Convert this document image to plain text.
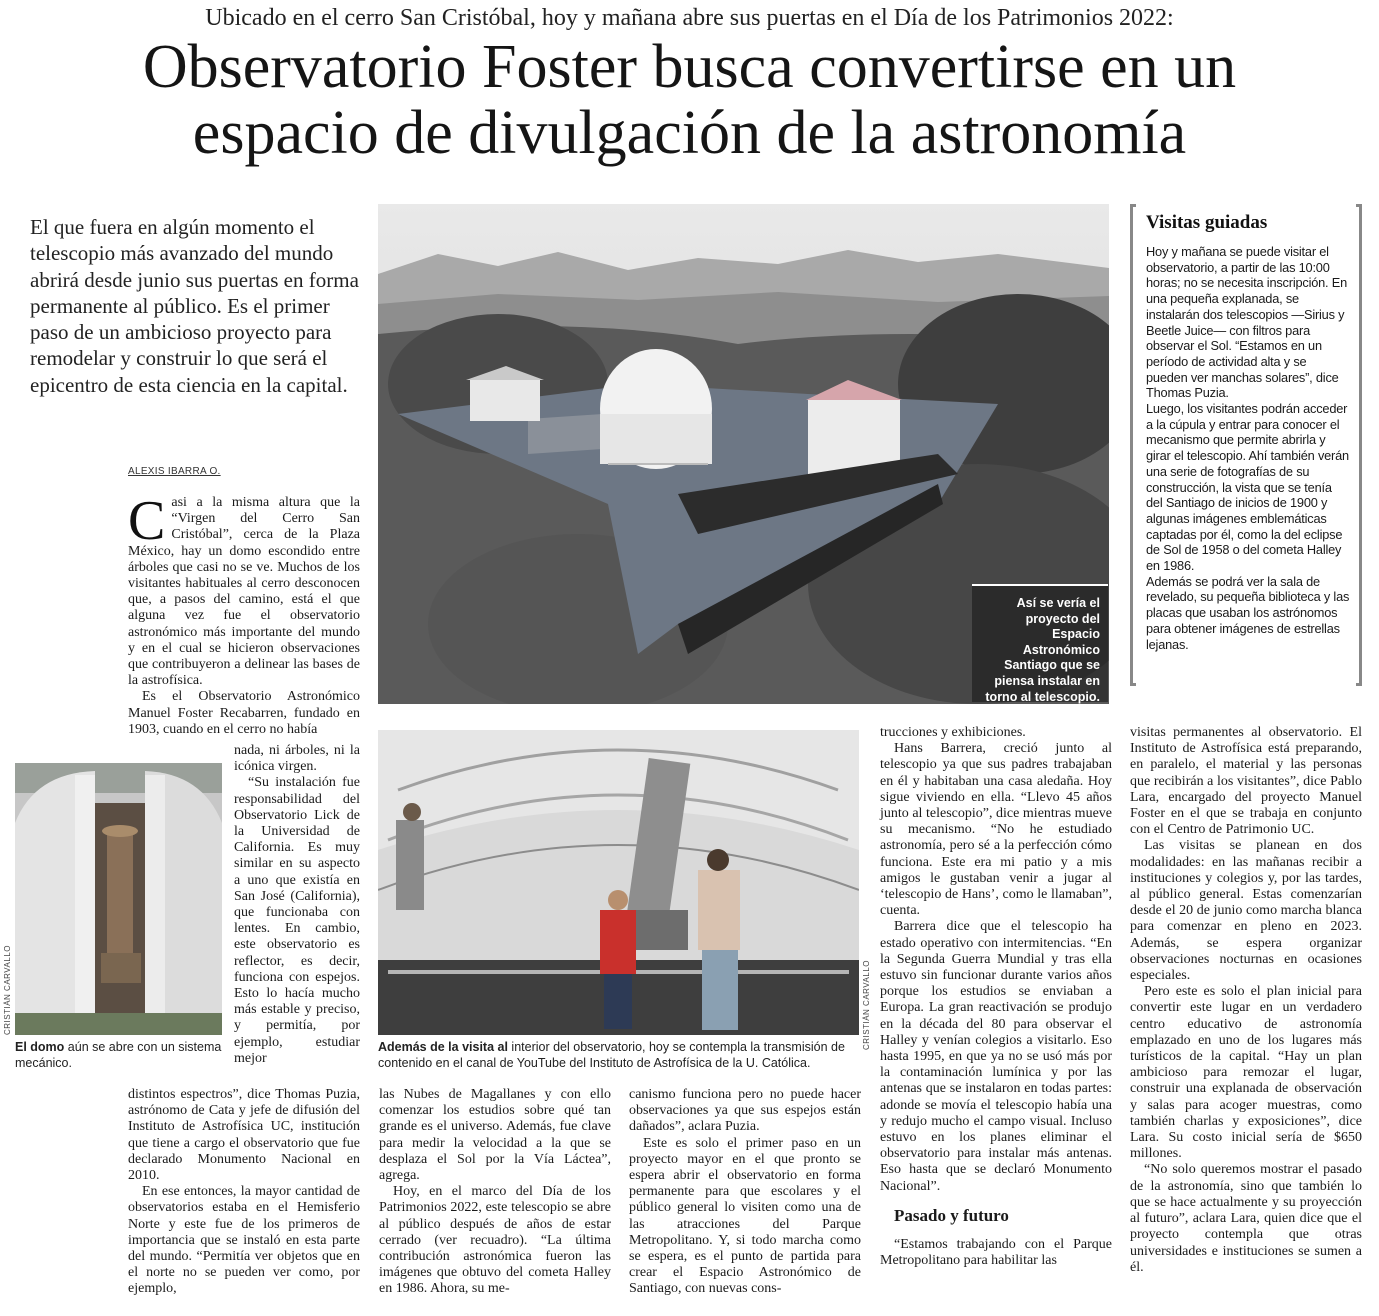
Ubicado en el cerro San Cristóbal, hoy y mañana abre sus puertas en el Día de los Patrimonios 2022:
Observatorio Foster busca convertirse en un
espacio de divulgación de la astronomía
El que fuera en algún momento el telescopio más avanzado del mundo abrirá desde junio sus puertas en forma permanente al público. Es el primer paso de un ambicioso proyecto para remodelar y construir lo que será el epicentro de esta ciencia en la capital.
ALEXIS IBARRA O.
Así se vería el proyecto del Espacio Astronómico Santiago que se piensa instalar en torno al telescopio.
CRISTIÁN CARVALLO
El domo aún se abre con un sistema mecánico.
CRISTIÁN CARVALLO
Además de la visita al interior del observatorio, hoy se contempla la transmisión de contenido en el canal de YouTube del Instituto de Astrofísica de la U. Católica.
C asi a la misma altura que la “Virgen del Cerro San Cristóbal”, cerca de la Plaza México, hay un domo escondido entre árboles que casi no se ve. Muchos de los visitantes habituales al cerro desconocen que, a pasos del camino, está el que alguna vez fue el observatorio astronómico más importante del mundo y en el cual se hicieron observaciones que contribuyeron a delinear las bases de la astrofísica.

Es el Observatorio Astronómico Manuel Foster Recabarren, fundado en 1903, cuando en el cerro no había

nada, ni árboles, ni la icónica virgen.

“Su instalación fue responsabilidad del Observatorio Lick de la Universidad de California. Es muy similar en su aspecto a uno que existía en San José (California), que funcionaba con lentes. En cambio, este observatorio es reflector, es decir, funciona con espejos. Esto lo hacía mucho más estable y preciso, y permitía, por ejemplo, estudiar mejor

distintos espectros”, dice Thomas Puzia, astrónomo de Cata y jefe de difusión del Instituto de Astrofísica UC, institución que tiene a cargo el observatorio que fue declarado Monumento Nacional en 2010.

En ese entonces, la mayor cantidad de observatorios estaba en el Hemisferio Norte y este fue de los primeros de importancia que se instaló en esta parte del mundo. “Permitía ver objetos que en el norte no se pueden ver como, por ejemplo,

las Nubes de Magallanes y con ello comenzar los estudios sobre qué tan grande es el universo. Además, fue clave para medir la velocidad a la que se desplaza el Sol por la Vía Láctea”, agrega.

Hoy, en el marco del Día de los Patrimonios 2022, este telescopio se abre al público después de años de estar cerrado (ver recuadro). “La última contribución astronómica fueron las imágenes que obtuvo del cometa Halley en 1986. Ahora, su me-

canismo funciona pero no puede hacer observaciones ya que sus espejos están dañados”, aclara Puzia.

Este es solo el primer paso en un proyecto mayor en el que pronto se espera abrir el observatorio en forma permanente para que escolares y el público general lo visiten como una de las atracciones del Parque Metropolitano. Y, si todo marcha como se espera, es el punto de partida para crear el Espacio Astronómico de Santiago, con nuevas cons-

trucciones y exhibiciones.

Hans Barrera, creció junto al telescopio ya que sus padres trabajaban en él y habitaban una casa aledaña. Hoy sigue viviendo en ella. “Llevo 45 años junto al telescopio”, dice mientras mueve su mecanismo. “No he estudiado astronomía, pero sé a la perfección cómo funciona. Este era mi patio y a mis amigos le gustaban venir a jugar al ‘telescopio de Hans’, como le llamaban”, cuenta.

Barrera dice que el telescopio ha estado operativo con intermitencias. “En la Segunda Guerra Mundial y tras ella estuvo sin funcionar durante varios años porque los estudios se enviaban a Europa. La gran reactivación se produjo en la década del 80 para observar el Halley y venían colegios a visitarlo. Eso hasta 1995, en que ya no se usó más por la contaminación lumínica y por las antenas que se instalaron en todas partes: adonde se movía el telescopio había una y redujo mucho el campo visual. Incluso estuvo en los planes eliminar el observatorio para instalar más antenas. Eso hasta que se declaró Monumento Nacional”.

Pasado y futuro

“Estamos trabajando con el Parque Metropolitano para habilitar las

visitas permanentes al observatorio. El Instituto de Astrofísica está preparando, en paralelo, el material y las personas que recibirán a los visitantes”, dice Pablo Lara, encargado del proyecto Manuel Foster en el que se trabaja en conjunto con el Centro de Patrimonio UC.

Las visitas se planean en dos modalidades: en las mañanas recibir a instituciones y colegios y, por las tardes, al público general. Estas comenzarían desde el 20 de junio como marcha blanca para comenzar en pleno en 2023. Además, se espera organizar observaciones nocturnas en ocasiones especiales.

Pero este es solo el plan inicial para convertir este lugar en un verdadero centro educativo de astronomía emplazado en uno de los lugares más turísticos de la capital. “Hay un plan ambicioso para remozar el lugar, construir una explanada de observación y salas para acoger muestras, como también charlas y exposiciones”, dice Lara. Su costo inicial sería de $650 millones.

“No solo queremos mostrar el pasado de la astronomía, sino que también lo que se hace actualmente y su proyección al futuro”, aclara Lara, quien dice que el proyecto contempla que otras universidades e instituciones se sumen a él.

Visitas guiadas

Hoy y mañana se puede visitar el observatorio, a partir de las 10:00 horas; no se necesita inscripción. En una pequeña explanada, se instalarán dos telescopios —Sirius y Beetle Juice— con filtros para observar el Sol. “Estamos en un período de actividad alta y se pueden ver manchas solares”, dice Thomas Puzia.

Luego, los visitantes podrán acceder a la cúpula y entrar para conocer el mecanismo que permite abrirla y girar el telescopio. Ahí también verán una serie de fotografías de su construcción, la vista que se tenía del Santiago de inicios de 1900 y algunas imágenes emblemáticas captadas por él, como la del eclipse de Sol de 1958 o del cometa Halley en 1986.

Además se podrá ver la sala de revelado, su pequeña biblioteca y las placas que usaban los astrónomos para obtener imágenes de estrellas lejanas.
